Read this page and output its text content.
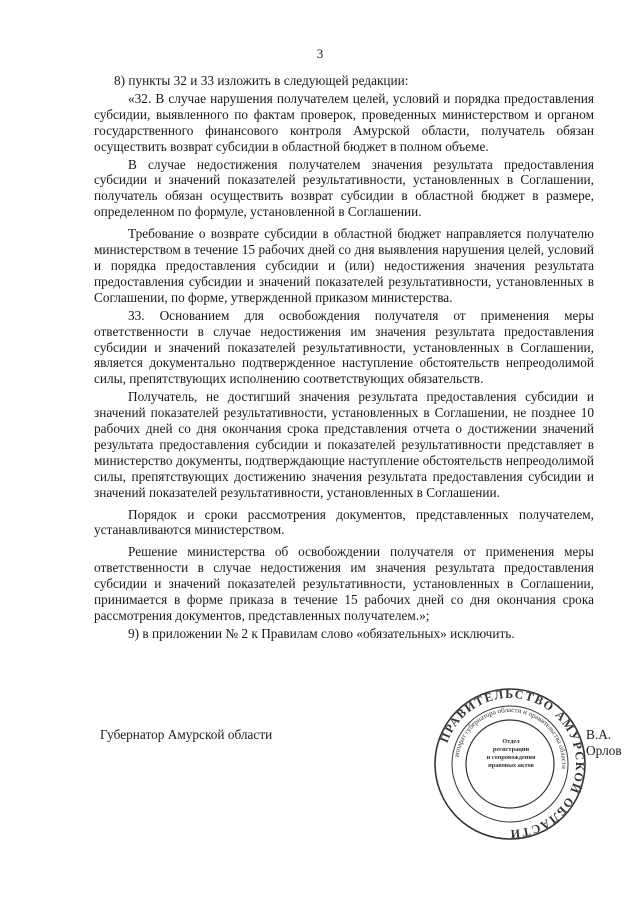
3

8) пункты 32 и 33 изложить в следующей редакции:

«32. В случае нарушения получателем целей, условий и порядка предоставления субсидии, выявленного по фактам проверок, проведенных министерством и органом государственного финансового контроля Амурской области, получатель обязан осуществить возврат субсидии в областной бюджет в полном объеме.

В случае недостижения получателем значения результата предоставления субсидии и значений показателей результативности, установленных в Соглашении, получатель обязан осуществить возврат субсидии в областной бюджет в размере, определенном по формуле, установленной в Соглашении.

Требование о возврате субсидии в областной бюджет направляется получателю министерством в течение 15 рабочих дней со дня выявления нарушения целей, условий и порядка предоставления субсидии и (или) недостижения значения результата предоставления субсидии и значений показателей результативности, установленных в Соглашении, по форме, утвержденной приказом министерства.

33. Основанием для освобождения получателя от применения меры ответственности в случае недостижения им значения результата предоставления субсидии и значений показателей результативности, установленных в Соглашении, является документально подтвержденное наступление обстоятельств непреодолимой силы, препятствующих исполнению соответствующих обязательств.

Получатель, не достигший значения результата предоставления субсидии и значений показателей результативности, установленных в Соглашении, не позднее 10 рабочих дней со дня окончания срока представления отчета о достижении значений результата предоставления субсидии и показателей результативности представляет в министерство документы, подтверждающие наступление обстоятельств непреодолимой силы, препятствующих достижению значения результата предоставления субсидии и значений показателей результативности, установленных в Соглашении.

Порядок и сроки рассмотрения документов, представленных получателем, устанавливаются министерством.

Решение министерства об освобождении получателя от применения меры ответственности в случае недостижения им значения результата предоставления субсидии и значений показателей результативности, установленных в Соглашении, принимается в форме приказа в течение 15 рабочих дней со дня окончания срока рассмотрения документов, представленных получателем.»;

9) в приложении № 2 к Правилам слово «обязательных» исключить.

Губернатор Амурской области	В.А. Орлов
ПРАВИТЕЛЬСТВО АМУРСКОЙ ОБЛАСТИ
аппарат губернатора области и правительства области
Отдел
регистрации
и сопровождения
правовых актов
